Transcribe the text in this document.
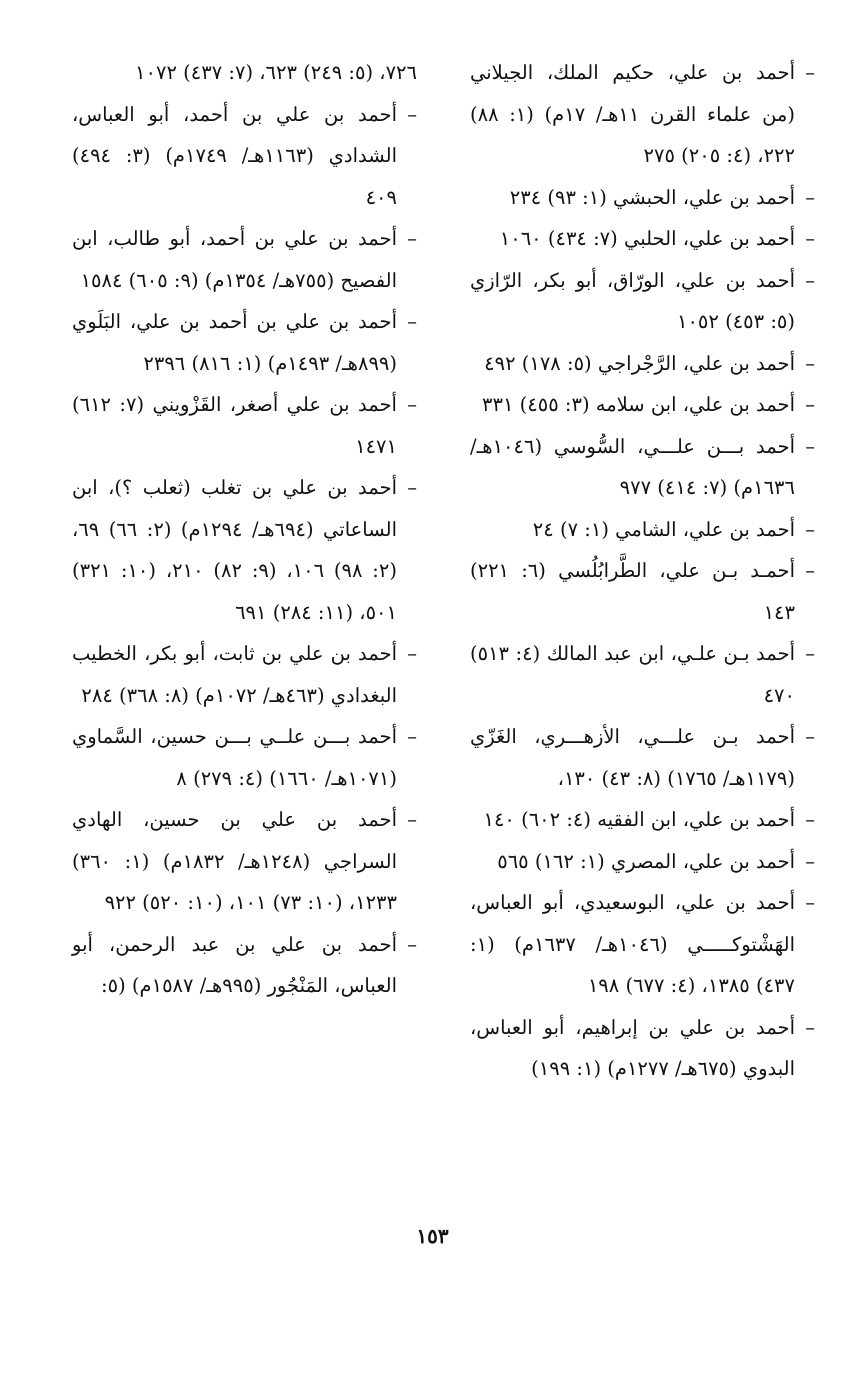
–
أحمد بن علي، حكيم الملك، الجيلاني (من علماء القرن ١١هـ/ ١٧م) (١: ٨٨) ٢٢٢، (٤: ٢٠٥) ٢٧٥
–
أحمد بن علي، الحبشي (١: ٩٣) ٢٣٤
–
أحمد بن علي، الحلبي (٧: ٤٣٤) ١٠٦٠
–
أحمد بن علي، الورّاق، أبو بكر، الرّازي (٥: ٤٥٣) ١٠٥٢
–
أحمد بن علي، الرَّجْراجي (٥: ١٧٨) ٤٩٢
–
أحمد بن علي، ابن سلامه (٣: ٤٥٥) ٣٣١
–
أحمد بـــن علـــي، السُّوسي (١٠٤٦هـ/ ١٦٣٦م) (٧: ٤١٤) ٩٧٧
–
أحمد بن علي، الشامي (١: ٧) ٢٤
–
أحمـد بـن علي، الطَّرابُلُسي (٦: ٢٢١) ١٤٣
–
أحمد بـن علـي، ابن عبد المالك (٤: ٥١٣) ٤٧٠
–
أحمد بـن علـــي، الأزهـــري، الغَزّي (١١٧٩هـ/ ١٧٦٥) (٨: ٤٣) ١٣٠،
–
أحمد بن علي، ابن الفقيه (٤: ٦٠٢) ١٤٠
–
أحمد بن علي، المصري (١: ١٦٢) ٥٦٥
–
أحمد بن علي، البوسعيدي، أبو العباس، الهَشْتوكـــــي (١٠٤٦هـ/ ١٦٣٧م) (١: ٤٣٧) ١٣٨٥، (٤: ٦٧٧) ١٩٨
–
أحمد بن علي بن إبراهيم، أبو العباس، البدوي (٦٧٥هـ/ ١٢٧٧م) (١: ١٩٩)
٧٢٦، (٥: ٢٤٩) ٦٢٣، (٧: ٤٣٧) ١٠٧٢
–
أحمد بن علي بن أحمد، أبو العباس، الشدادي (١١٦٣هـ/ ١٧٤٩م) (٣: ٤٩٤) ٤٠٩
–
أحمد بن علي بن أحمد، أبو طالب، ابن الفصيح (٧٥٥هـ/ ١٣٥٤م) (٩: ٦٠٥) ١٥٨٤
–
أحمد بن علي بن أحمد بن علي، البَلَوي (٨٩٩هـ/ ١٤٩٣م) (١: ٨١٦) ٢٣٩٦
–
أحمد بن علي أصغر، القَزْويني (٧: ٦١٢) ١٤٧١
–
أحمد بن علي بن تغلب (ثعلب ؟)، ابن الساعاتي (٦٩٤هـ/ ١٢٩٤م) (٢: ٦٦) ٦٩، (٢: ٩٨) ١٠٦، (٩: ٨٢) ٢١٠، (١٠: ٣٢١) ٥٠١، (١١: ٢٨٤) ٦٩١
–
أحمد بن علي بن ثابت، أبو بكر، الخطيب البغدادي (٤٦٣هـ/ ١٠٧٢م) (٨: ٣٦٨) ٢٨٤
–
أحمد بـــن علــي بـــن حسين، السَّماوي (١٠٧١هـ/ ١٦٦٠) (٤: ٢٧٩) ٨
–
أحمد بن علي بن حسين، الهادي السراجي (١٢٤٨هـ/ ١٨٣٢م) (١: ٣٦٠) ١٢٣٣، (١٠: ٧٣) ١٠١، (١٠: ٥٢٠) ٩٢٢
–
أحمد بن علي بن عبد الرحمن، أبو العباس، المَنْجُور (٩٩٥هـ/ ١٥٨٧م) (٥:
١٥٣
